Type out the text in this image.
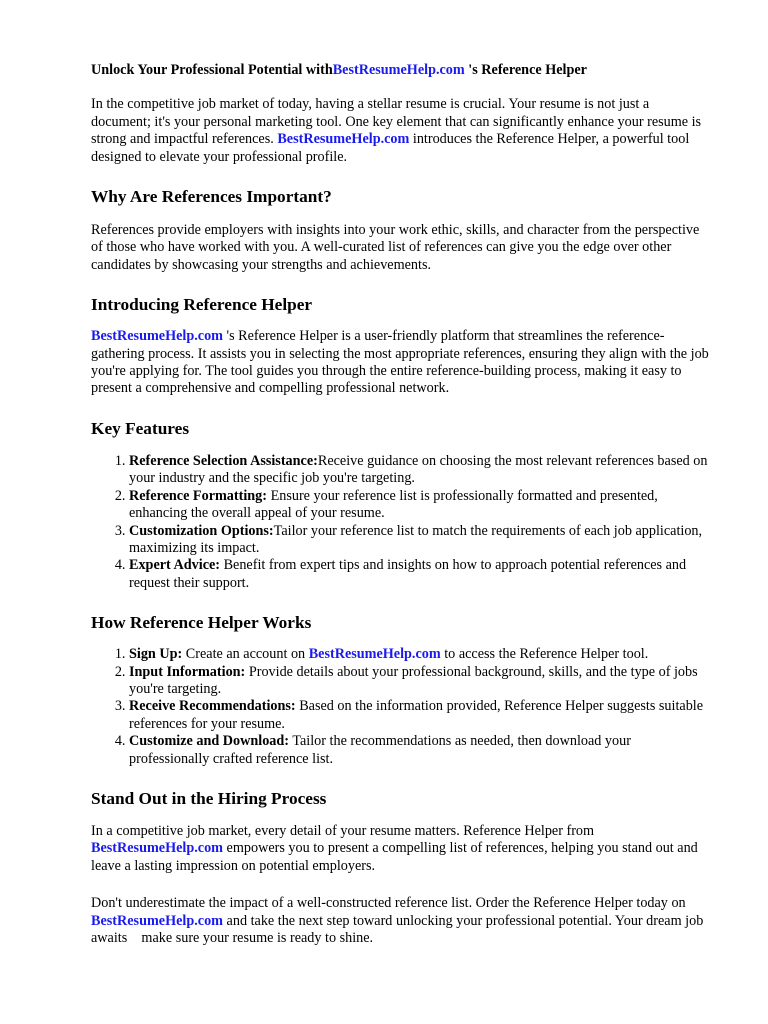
Unlock Your Professional Potential withBestResumeHelp.com 's Reference Helper

In the competitive job market of today, having a stellar resume is crucial. Your resume is not just a document; it's your personal marketing tool. One key element that can significantly enhance your resume is strong and impactful references. BestResumeHelp.com introduces the Reference Helper, a powerful tool designed to elevate your professional profile.

Why Are References Important?

References provide employers with insights into your work ethic, skills, and character from the perspective of those who have worked with you. A well-curated list of references can give you the edge over other candidates by showcasing your strengths and achievements.

Introducing Reference Helper

BestResumeHelp.com 's Reference Helper is a user-friendly platform that streamlines the reference-gathering process. It assists you in selecting the most appropriate references, ensuring they align with the job you're applying for. The tool guides you through the entire reference-building process, making it easy to present a comprehensive and compelling professional network.

Key Features
1. Reference Selection Assistance:Receive guidance on choosing the most relevant references based on your industry and the specific job you're targeting.
2. Reference Formatting: Ensure your reference list is professionally formatted and presented, enhancing the overall appeal of your resume.
3. Customization Options:Tailor your reference list to match the requirements of each job application, maximizing its impact.
4. Expert Advice: Benefit from expert tips and insights on how to approach potential references and request their support.
How Reference Helper Works
1. Sign Up: Create an account on BestResumeHelp.com to access the Reference Helper tool.
2. Input Information: Provide details about your professional background, skills, and the type of jobs you're targeting.
3. Receive Recommendations: Based on the information provided, Reference Helper suggests suitable references for your resume.
4. Customize and Download: Tailor the recommendations as needed, then download your professionally crafted reference list.
Stand Out in the Hiring Process

In a competitive job market, every detail of your resume matters. Reference Helper from BestResumeHelp.com empowers you to present a compelling list of references, helping you stand out and leave a lasting impression on potential employers.

Don't underestimate the impact of a well-constructed reference list. Order the Reference Helper today on BestResumeHelp.com and take the next step toward unlocking your professional potential. Your dream job awaits    make sure your resume is ready to shine.
